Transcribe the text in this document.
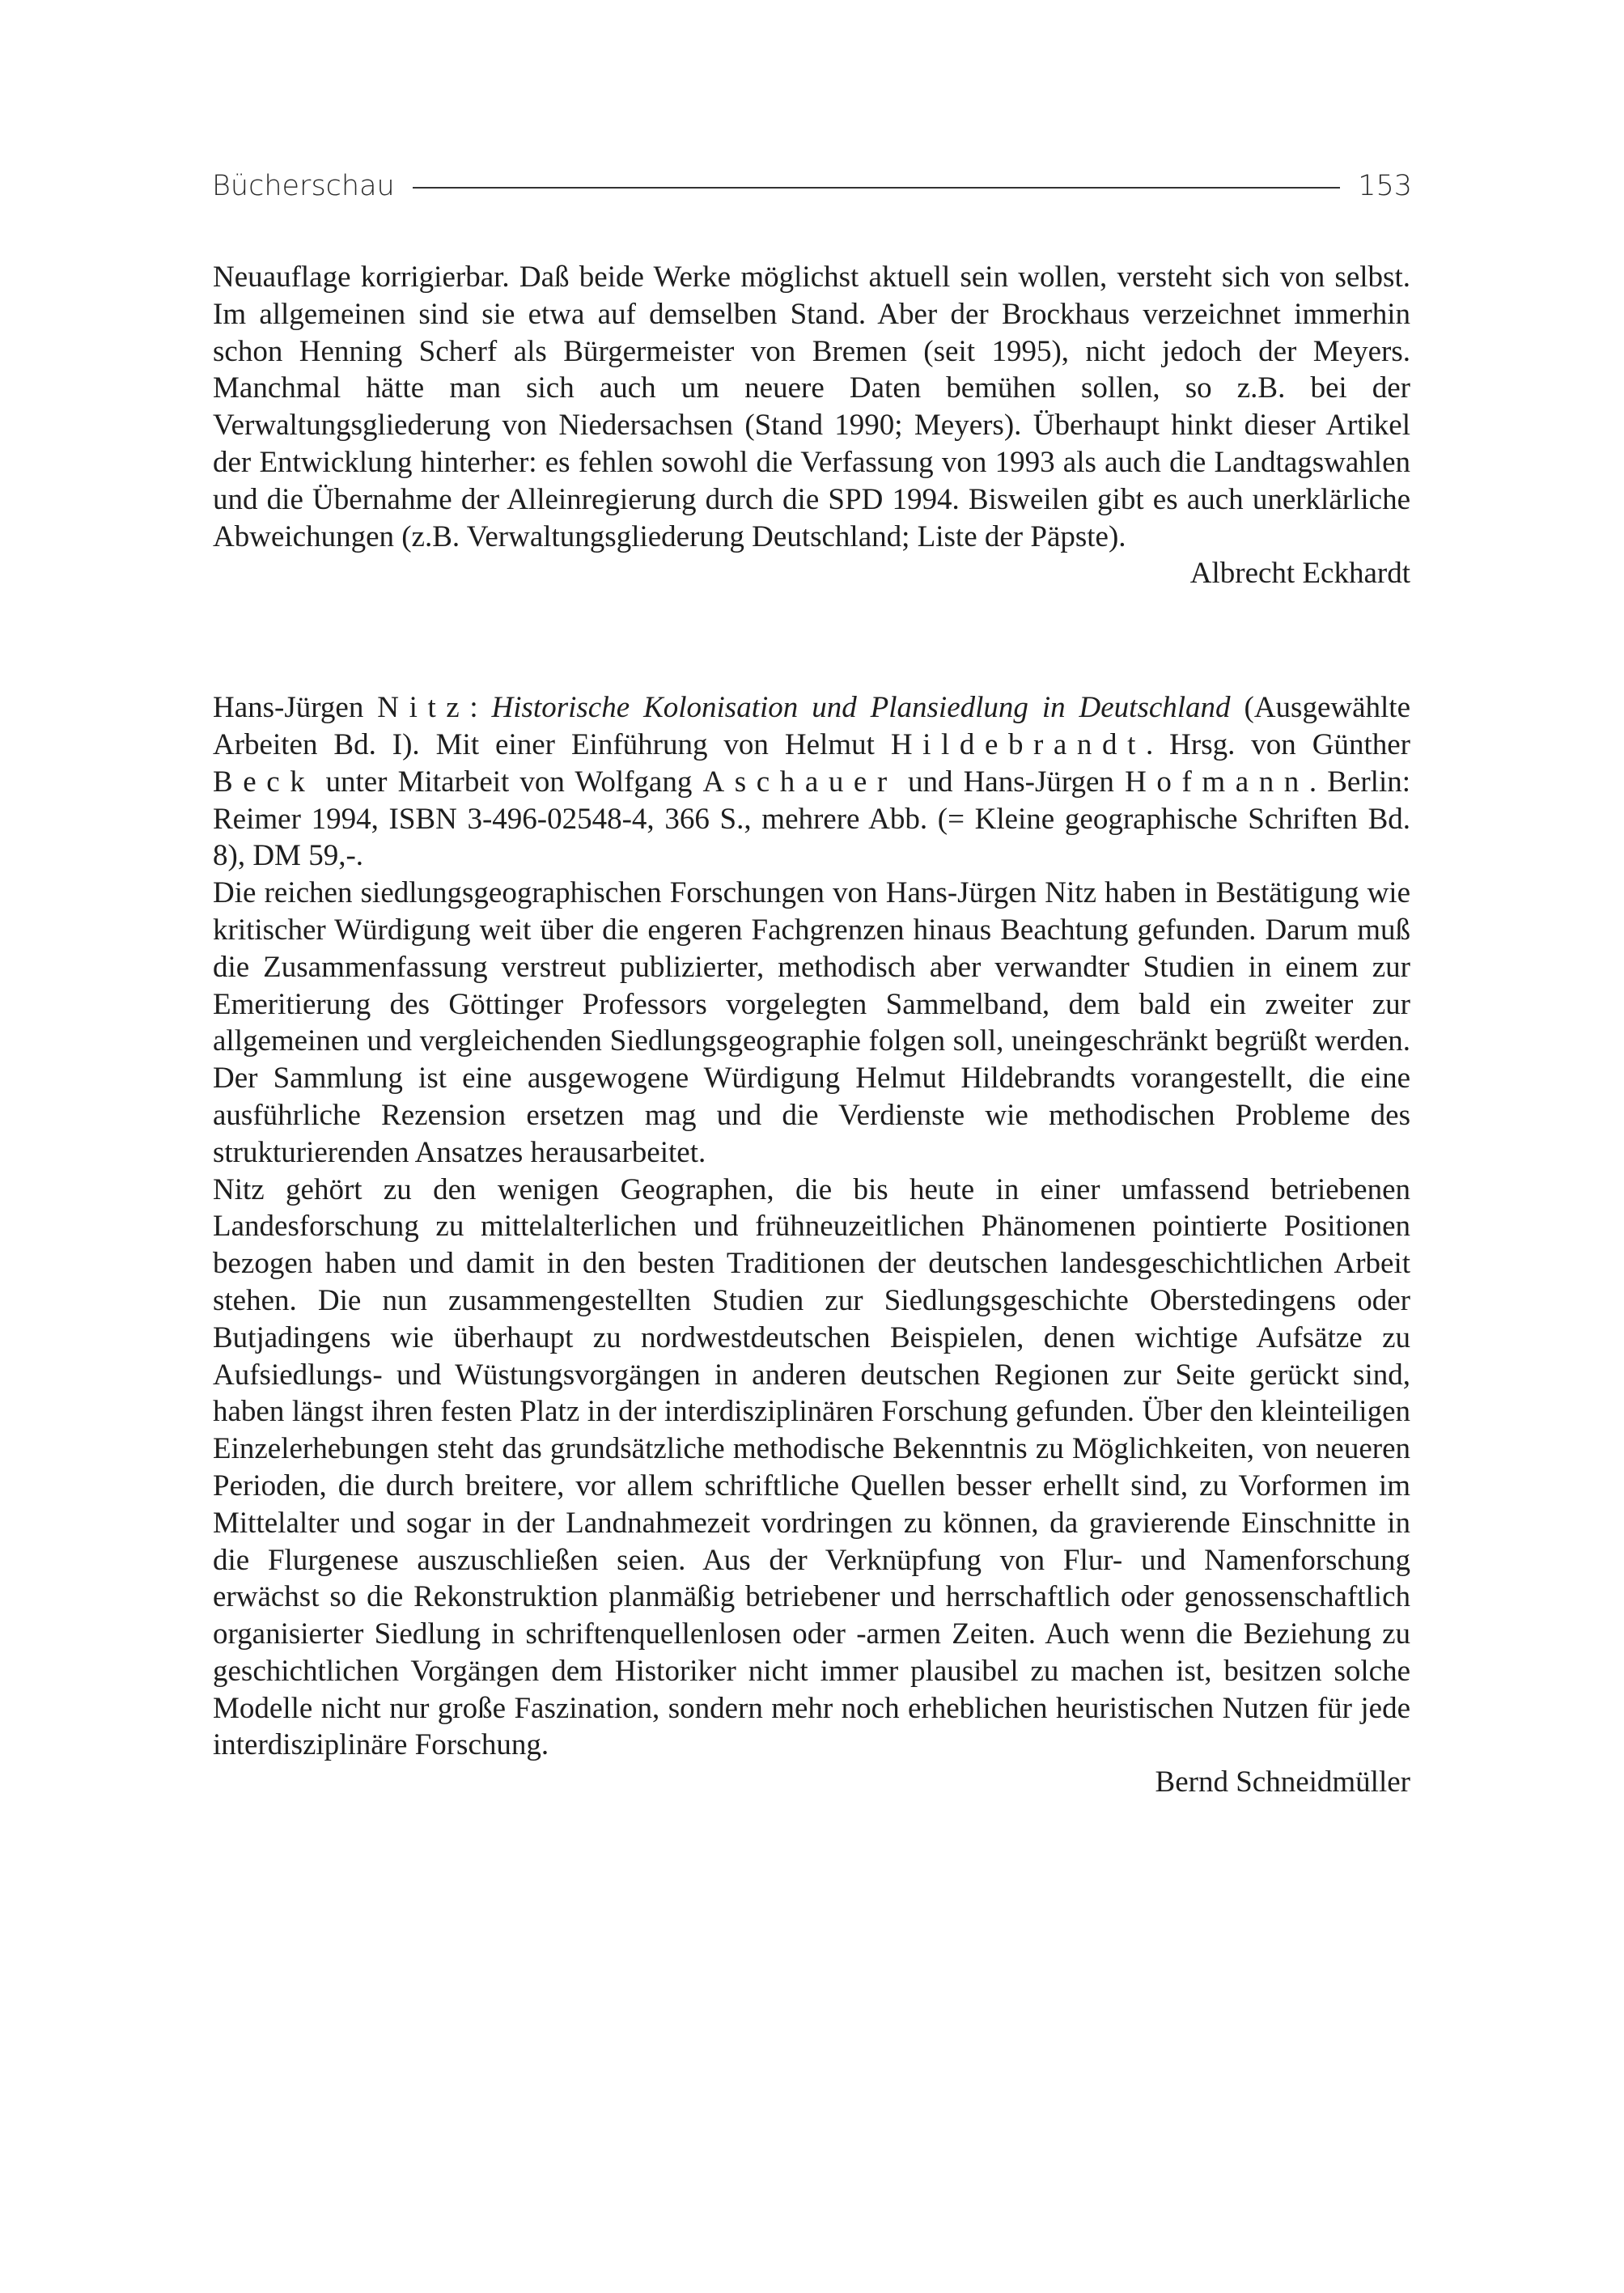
Bücherschau	153

Neuauflage korrigierbar. Daß beide Werke möglichst aktuell sein wollen, versteht sich von selbst. Im allgemeinen sind sie etwa auf demselben Stand. Aber der Brockhaus verzeichnet immerhin schon Henning Scherf als Bürgermeister von Bremen (seit 1995), nicht jedoch der Meyers. Manchmal hätte man sich auch um neuere Daten bemühen sollen, so z.B. bei der Verwaltungsgliederung von Niedersachsen (Stand 1990; Meyers). Überhaupt hinkt dieser Artikel der Entwicklung hinterher: es fehlen sowohl die Verfassung von 1993 als auch die Landtagswahlen und die Übernahme der Alleinregierung durch die SPD 1994. Bisweilen gibt es auch unerklärliche Abweichungen (z.B. Verwaltungsgliederung Deutschland; Liste der Päpste).

Albrecht Eckhardt

Hans-Jürgen Nitz: Historische Kolonisation und Plansiedlung in Deutschland (Ausgewählte Arbeiten Bd. I). Mit einer Einführung von Helmut Hildebrandt. Hrsg. von Günther Beck unter Mitarbeit von Wolfgang Aschauer und Hans-Jürgen Hofmann. Berlin: Reimer 1994, ISBN 3-496-02548-4, 366 S., mehrere Abb. (= Kleine geographische Schriften Bd. 8), DM 59,-.

Die reichen siedlungsgeographischen Forschungen von Hans-Jürgen Nitz haben in Bestätigung wie kritischer Würdigung weit über die engeren Fachgrenzen hinaus Beachtung gefunden. Darum muß die Zusammenfassung verstreut publizierter, methodisch aber verwandter Studien in einem zur Emeritierung des Göttinger Professors vorgelegten Sammelband, dem bald ein zweiter zur allgemeinen und vergleichenden Siedlungsgeographie folgen soll, uneingeschränkt begrüßt werden. Der Sammlung ist eine ausgewogene Würdigung Helmut Hildebrandts vorangestellt, die eine ausführliche Rezension ersetzen mag und die Verdienste wie methodischen Probleme des strukturierenden Ansatzes herausarbeitet.

Nitz gehört zu den wenigen Geographen, die bis heute in einer umfassend betriebenen Landesforschung zu mittelalterlichen und frühneuzeitlichen Phänomenen pointierte Positionen bezogen haben und damit in den besten Traditionen der deutschen landesgeschichtlichen Arbeit stehen. Die nun zusammengestellten Studien zur Siedlungsgeschichte Oberstedingens oder Butjadingens wie überhaupt zu nordwestdeutschen Beispielen, denen wichtige Aufsätze zu Aufsiedlungs- und Wüstungsvorgängen in anderen deutschen Regionen zur Seite gerückt sind, haben längst ihren festen Platz in der interdisziplinären Forschung gefunden. Über den kleinteiligen Einzelerhebungen steht das grundsätzliche methodische Bekenntnis zu Möglichkeiten, von neueren Perioden, die durch breitere, vor allem schriftliche Quellen besser erhellt sind, zu Vorformen im Mittelalter und sogar in der Landnahmezeit vordringen zu können, da gravierende Einschnitte in die Flurgenese auszuschließen seien. Aus der Verknüpfung von Flur- und Namenforschung erwächst so die Rekonstruktion planmäßig betriebener und herrschaftlich oder genossenschaftlich organisierter Siedlung in schriftenquellenlosen oder -armen Zeiten. Auch wenn die Beziehung zu geschichtlichen Vorgängen dem Historiker nicht immer plausibel zu machen ist, besitzen solche Modelle nicht nur große Faszination, sondern mehr noch erheblichen heuristischen Nutzen für jede interdisziplinäre Forschung.

Bernd Schneidmüller
